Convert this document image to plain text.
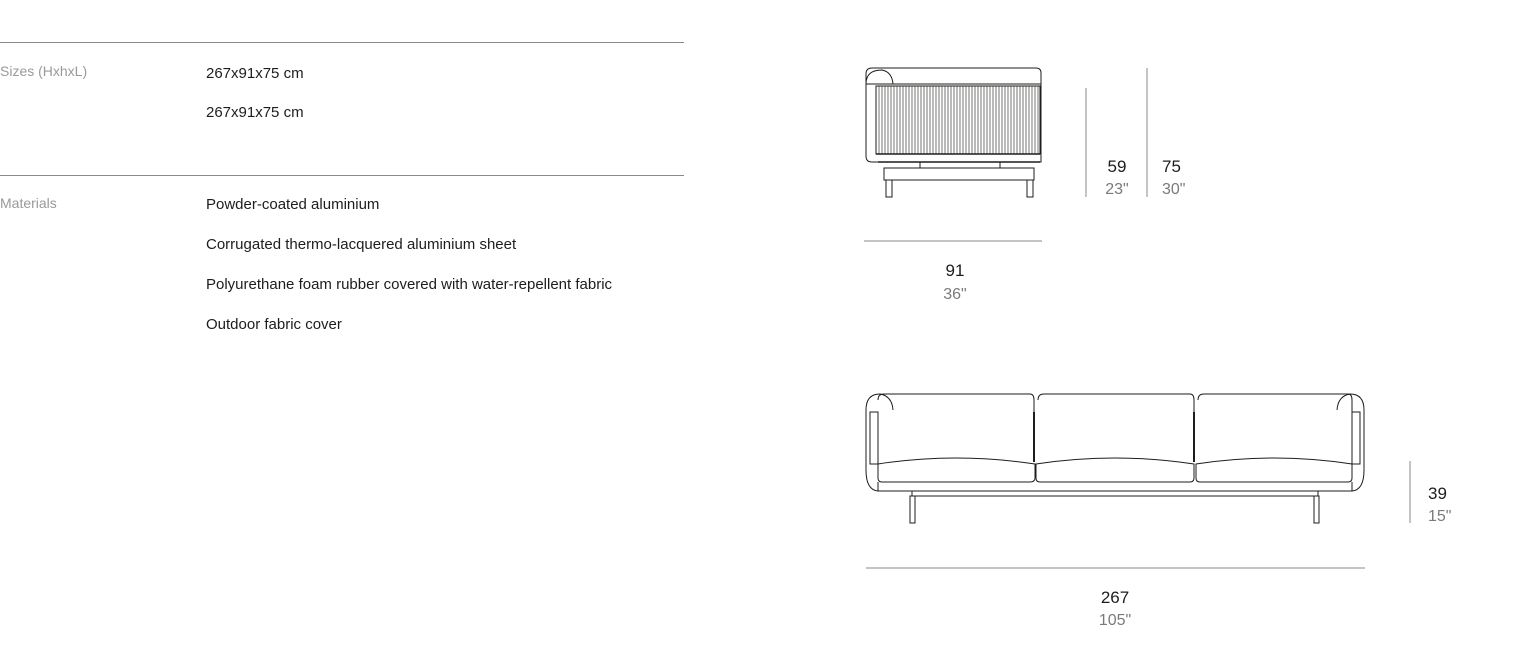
Sizes (HxhxL)	267x91x75 cm
267x91x75 cm
Materials	Powder-coated aluminium
Corrugated thermo-lacquered aluminium sheet
Polyurethane foam rubber covered with water-repellent fabric
Outdoor fabric cover
59
23"
75
30"
91
36"
39
15"
267
105"
